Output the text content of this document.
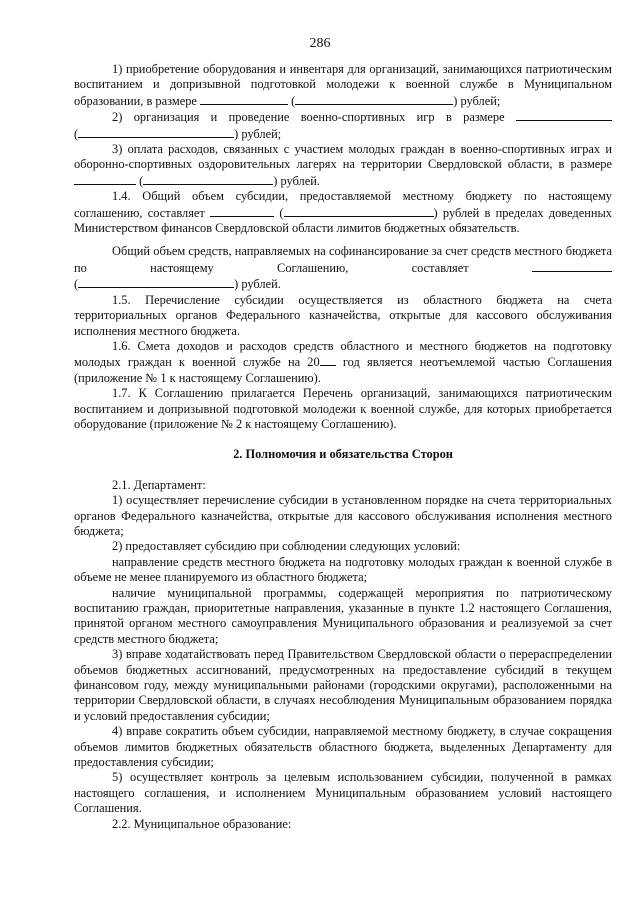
286

1) приобретение оборудования и инвентаря для организаций, занимающихся патриотическим воспитанием и допризывной подготовкой молодежи к военной службе в Муниципальном образовании, в размере	(	) рублей;

2) организация и проведение военно-спортивных игр в размере

(	) рублей;

3) оплата расходов, связанных с участием молодых граждан в военно-спортивных играх и оборонно-спортивных оздоровительных лагерях на территории Свердловской области, в размере  (	) рублей.

1.4. Общий объем субсидии, предоставляемой местному бюджету по настоящему соглашению, составляет	(	) рублей в пределах доведенных Министерством финансов Свердловской области лимитов бюджетных обязательств.

Общий объем средств, направляемых на софинансирование за счет средств местного бюджета по настоящему Соглашению, составляет

(	) рублей.

1.5. Перечисление субсидии осуществляется из областного бюджета на счета территориальных органов Федерального казначейства, открытые для кассового обслуживания исполнения местного бюджета.

1.6. Смета доходов и расходов средств областного и местного бюджетов на подготовку молодых граждан к военной службе на 20 год является неотъемлемой частью Соглашения (приложение № 1 к настоящему Соглашению).

1.7. К Соглашению прилагается Перечень организаций, занимающихся патриотическим воспитанием и допризывной подготовкой молодежи к военной службе, для которых приобретается оборудование (приложение № 2 к настоящему Соглашению).

2. Полномочия и обязательства Сторон

2.1. Департамент:

1) осуществляет перечисление субсидии в установленном порядке на счета территориальных органов Федерального казначейства, открытые для кассового обслуживания исполнения местного бюджета;

2) предоставляет субсидию при соблюдении следующих условий:

направление средств местного бюджета на подготовку молодых граждан к военной службе в объеме не менее планируемого из областного бюджета;

наличие муниципальной программы, содержащей мероприятия по патриотическому воспитанию граждан, приоритетные направления, указанные в пункте 1.2 настоящего Соглашения, принятой органом местного самоуправления Муниципального образования и реализуемой за счет средств местного бюджета;

3) вправе ходатайствовать перед Правительством Свердловской области о перераспределении объемов бюджетных ассигнований, предусмотренных на предоставление субсидий в текущем финансовом году, между муниципальными районами (городскими округами), расположенными на территории Свердловской области, в случаях несоблюдения Муниципальным образованием порядка и условий предоставления субсидии;

4) вправе сократить объем субсидии, направляемой местному бюджету, в случае сокращения объемов лимитов бюджетных обязательств областного бюджета, выделенных Департаменту для предоставления субсидии;

5) осуществляет контроль за целевым использованием субсидии, полученной в рамках настоящего соглашения, и исполнением Муниципальным образованием условий настоящего Соглашения.

2.2. Муниципальное образование:
